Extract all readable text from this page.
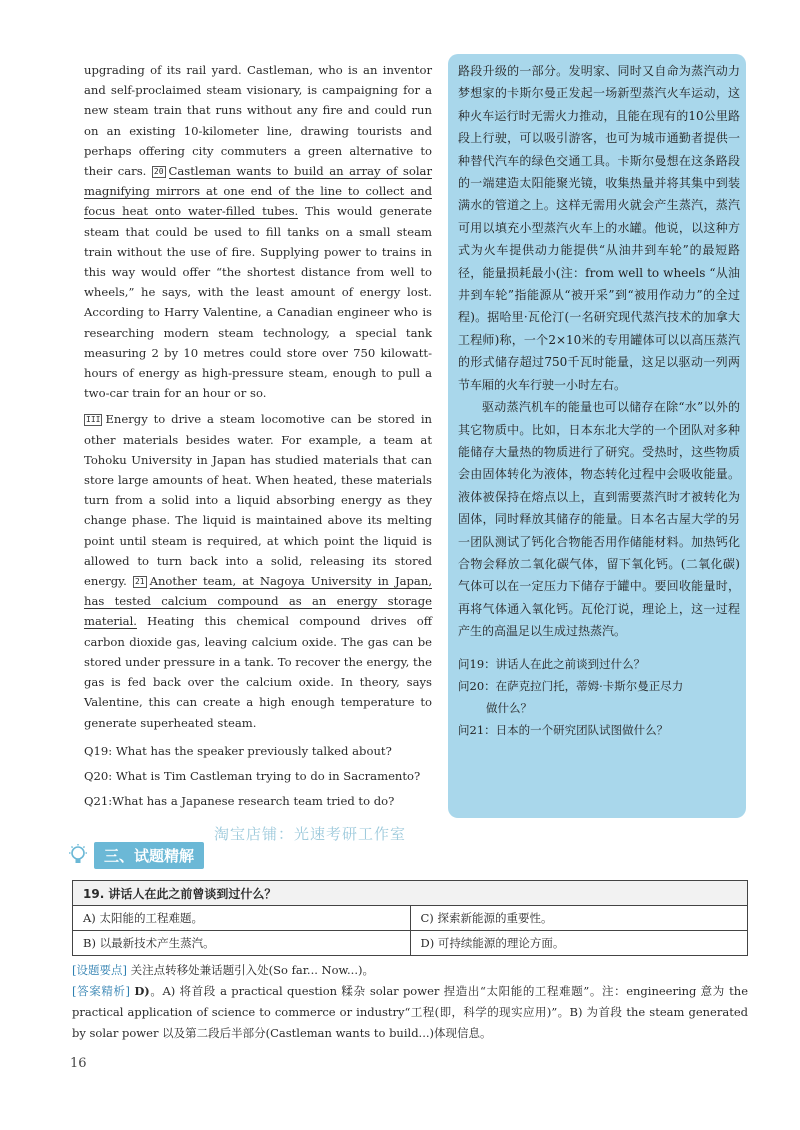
upgrading of its rail yard. Castleman, who is an inventor and self-proclaimed steam visionary, is campaigning for a new steam train that runs without any fire and could run on an existing 10-kilometer line, drawing tourists and perhaps offering city commuters a green alternative to their cars. 20 Castleman wants to build an array of solar magnifying mirrors at one end of the line to collect and focus heat onto water-filled tubes. This would generate steam that could be used to fill tanks on a small steam train without the use of fire. Supplying power to trains in this way would offer “the shortest distance from well to wheels,” he says, with the least amount of energy lost. According to Harry Valentine, a Canadian engineer who is researching modern steam technology, a special tank measuring 2 by 10 metres could store over 750 kilowatt-hours of energy as high-pressure steam, enough to pull a two-car train for an hour or so.

III Energy to drive a steam locomotive can be stored in other materials besides water. For example, a team at Tohoku University in Japan has studied materials that can store large amounts of heat. When heated, these materials turn from a solid into a liquid absorbing energy as they change phase. The liquid is maintained above its melting point until steam is required, at which point the liquid is allowed to turn back into a solid, releasing its stored energy. 21 Another team, at Nagoya University in Japan, has tested calcium compound as an energy storage material. Heating this chemical compound drives off carbon dioxide gas, leaving calcium oxide. The gas can be stored under pressure in a tank. To recover the energy, the gas is fed back over the calcium oxide. In theory, says Valentine, this can create a high enough temperature to generate superheated steam.

Q19: What has the speaker previously talked about?
Q20: What is Tim Castleman trying to do in Sacramento?
Q21:What has a Japanese research team tried to do?

路段升级的一部分。发明家、同时又自命为蒸汽动力梦想家的卡斯尔曼正发起一场新型蒸汽火车运动，这种火车运行时无需火力推动，且能在现有的10公里路段上行驶，可以吸引游客，也可为城市通勤者提供一种替代汽车的绿色交通工具。卡斯尔曼想在这条路段的一端建造太阳能聚光镜，收集热量并将其集中到装满水的管道之上。这样无需用火就会产生蒸汽，蒸汽可用以填充小型蒸汽火车上的水罐。他说，以这种方式为火车提供动力能提供“从油井到车轮”的最短路径，能量损耗最小(注：from well to wheels “从油井到车轮”指能源从“被开采”到“被用作动力”的全过程)。据哈里·瓦伦汀(一名研究现代蒸汽技术的加拿大工程师)称，一个2×10米的专用罐体可以以高压蒸汽的形式储存超过750千瓦时能量，这足以驱动一列两节车厢的火车行驶一小时左右。

驱动蒸汽机车的能量也可以储存在除“水”以外的其它物质中。比如，日本东北大学的一个团队对多种能储存大量热的物质进行了研究。受热时，这些物质会由固体转化为液体，物态转化过程中会吸收能量。液体被保持在熔点以上，直到需要蒸汽时才被转化为固体，同时释放其储存的能量。日本名古屋大学的另一团队测试了钙化合物能否用作储能材料。加热钙化合物会释放二氧化碳气体，留下氧化钙。(二氧化碳)气体可以在一定压力下储存于罐中。要回收能量时，再将气体通入氧化钙。瓦伦汀说，理论上，这一过程产生的高温足以生成过热蒸汽。

问19：讲话人在此之前谈到过什么？
问20：在萨克拉门托，蒂姆·卡斯尔曼正尽力
做什么？
问21：日本的一个研究团队试图做什么？
淘宝店铺：光速考研工作室
三、试题精解
19. 讲话人在此之前曾谈到过什么？	
A) 太阳能的工程难题。	C) 探索新能源的重要性。
B) 以最新技术产生蒸汽。	D) 可持续能源的理论方面。

[设题要点] 关注点转移处兼话题引入处(So far... Now...)。

[答案精析] D)。A) 将首段 a practical question 糅杂 solar power 捏造出“太阳能的工程难题”。注：engineering 意为 the practical application of science to commerce or industry“工程(即，科学的现实应用)”。B) 为首段 the steam generated by solar power 以及第二段后半部分(Castleman wants to build...)体现信息。

16
